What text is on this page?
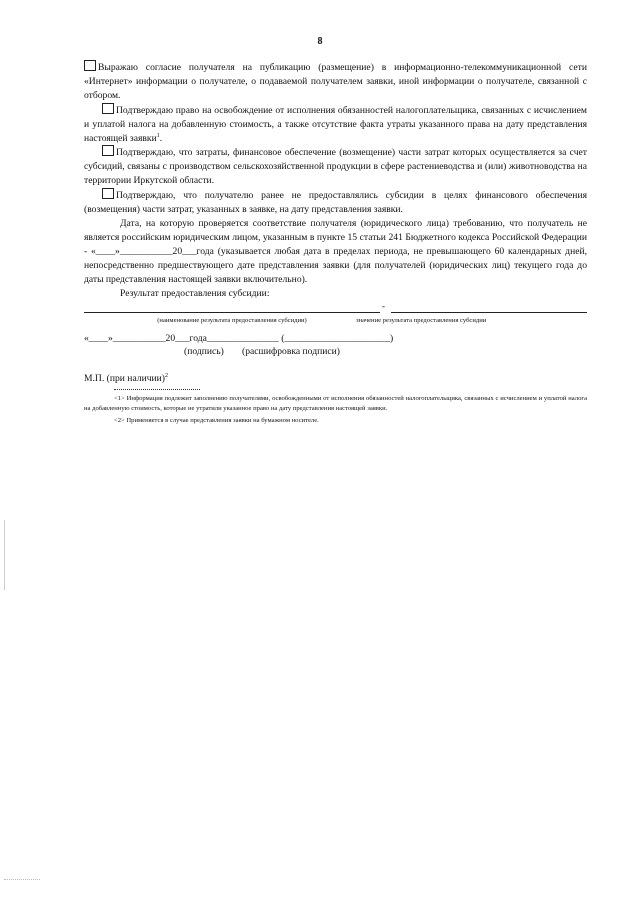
8

Выражаю согласие получателя на публикацию (размещение) в информационно-телекоммуникационной сети «Интернет» информации о получателе, о подаваемой получателем заявки, иной информации о получателе, связанной с отбором.

Подтверждаю право на освобождение от исполнения обязанностей налогоплательщика, связанных с исчислением и уплатой налога на добавленную стоимость, а также отсутствие факта утраты указанного права на дату представления настоящей заявки$^1$.

Подтверждаю, что затраты, финансовое обеспечение (возмещение) части затрат которых осуществляется за счет субсидий, связаны с производством сельскохозяйственной продукции в сфере растениеводства и (или) животноводства на территории Иркутской области.

Подтверждаю, что получателю ранее не предоставлялись субсидии в целях финансового обеспечения (возмещения) части затрат, указанных в заявке, на дату представления заявки.

Дата, на которую проверяется соответствие получателя (юридического лица) требованию, что получатель не является российским юридическим лицом, указанным в пункте 15 статьи 241 Бюджетного кодекса Российской Федерации - «____»___________20___года (указывается любая дата в пределах периода, не превышающего 60 календарных дней, непосредственно предшествующего дате представления заявки (для получателей (юридических лиц) текущего года до даты представления настоящей заявки включительно).

Результат предоставления субсидии:

-
(наименование результата предоставления субсидии)	значение результата предоставления субсидии
«____»___________20___года_______________ (______________________)
(подпись) (расшифровка подписи)
М.П. (при наличии)$^2$

<1> Информация подлежит заполнению получателями, освобожденными от исполнения обязанностей налогоплательщика, связанных с исчислением и уплатой налога на добавленную стоимость, которые не утратили указанное право на дату представления настоящей заявки.

<2> Применяется в случае представления заявки на бумажном носителе.
